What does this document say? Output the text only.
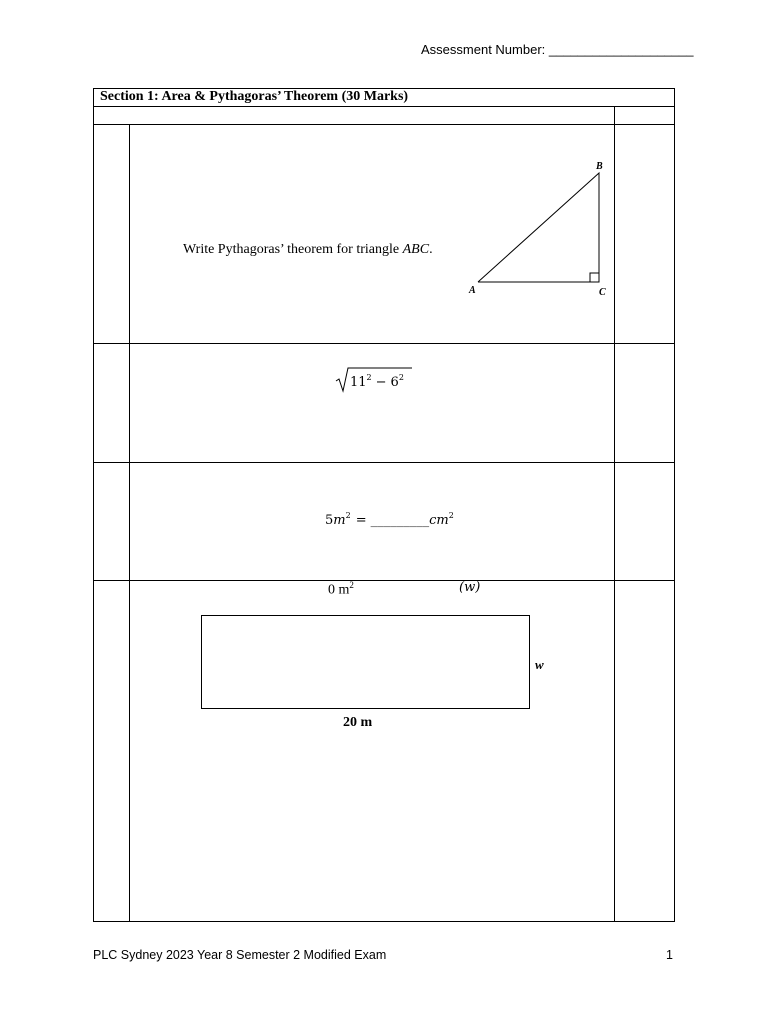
Assessment Number: ____________________
Section 1: Area & Pythagoras’ Theorem (30 Marks)
Write Pythagoras’ theorem for triangle ABC.
B
A	C
$11^2 - 6^2$
$5m^2$ = $\_\_\_\_\_\_\_\_\_cm^2$
0 $m^2$	(w)
w
20 m
PLC Sydney 2023 Year 8 Semester 2 Modified Exam	1
